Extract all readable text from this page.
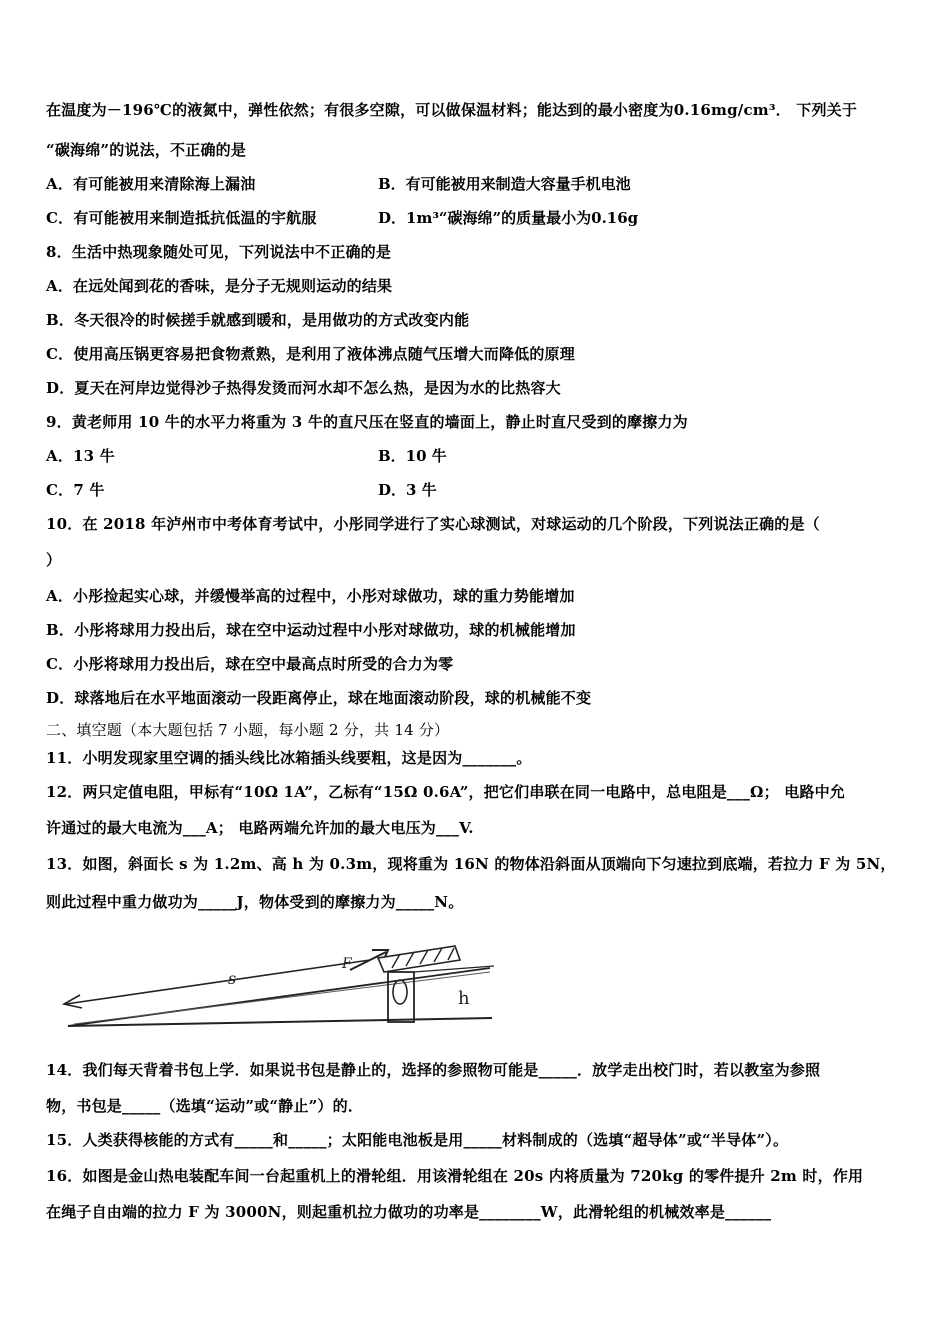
在温度为－196℃的液氮中，弹性依然；有很多空隙，可以做保温材料；能达到的最小密度为0.16mg/cm³． 下列关于
“碳海绵”的说法，不正确的是
A．有可能被用来清除海上漏油	B．有可能被用来制造大容量手机电池
C．有可能被用来制造抵抗低温的宇航服	D．1m³“碳海绵”的质量最小为0.16g
8．生活中热现象随处可见，下列说法中不正确的是
A．在远处闻到花的香味，是分子无规则运动的结果
B．冬天很冷的时候搓手就感到暖和，是用做功的方式改变内能
C．使用高压锅更容易把食物煮熟，是利用了液体沸点随气压增大而降低的原理
D．夏天在河岸边觉得沙子热得发烫而河水却不怎么热，是因为水的比热容大
9．黄老师用 10 牛的水平力将重为 3 牛的直尺压在竖直的墙面上，静止时直尺受到的摩擦力为
A．13 牛	B．10 牛
C．7 牛	D．3 牛
10．在 2018 年泸州市中考体育考试中，小彤同学进行了实心球测试，对球运动的几个阶段，下列说法正确的是（
）
A．小彤捡起实心球，并缓慢举高的过程中，小彤对球做功，球的重力势能增加
B．小彤将球用力投出后，球在空中运动过程中小彤对球做功，球的机械能增加
C．小彤将球用力投出后，球在空中最高点时所受的合力为零
D．球落地后在水平地面滚动一段距离停止，球在地面滚动阶段，球的机械能不变
二、填空题（本大题包括 7 小题，每小题 2 分，共 14 分）
11．小明发现家里空调的插头线比冰箱插头线要粗，这是因为_______。
12．两只定值电阻，甲标有“10Ω 1A”，乙标有“15Ω 0.6A”，把它们串联在同一电路中，总电阻是___Ω； 电路中允
许通过的最大电流为___A； 电路两端允许加的最大电压为___V.
13．如图，斜面长 s 为 1.2m、高 h 为 0.3m，现将重为 16N 的物体沿斜面从顶端向下匀速拉到底端，若拉力 F 为 5N，
则此过程中重力做功为_____J，物体受到的摩擦力为_____N。
s
F
h
14．我们每天背着书包上学．如果说书包是静止的，选择的参照物可能是_____．放学走出校门时，若以教室为参照
物，书包是_____（选填“运动”或“静止”）的．
15．人类获得核能的方式有_____和_____；太阳能电池板是用_____材料制成的（选填“超导体”或“半导体”）。
16．如图是金山热电装配车间一台起重机上的滑轮组．用该滑轮组在 20s 内将质量为 720kg 的零件提升 2m 时，作用
在绳子自由端的拉力 F 为 3000N，则起重机拉力做功的功率是________W，此滑轮组的机械效率是______
